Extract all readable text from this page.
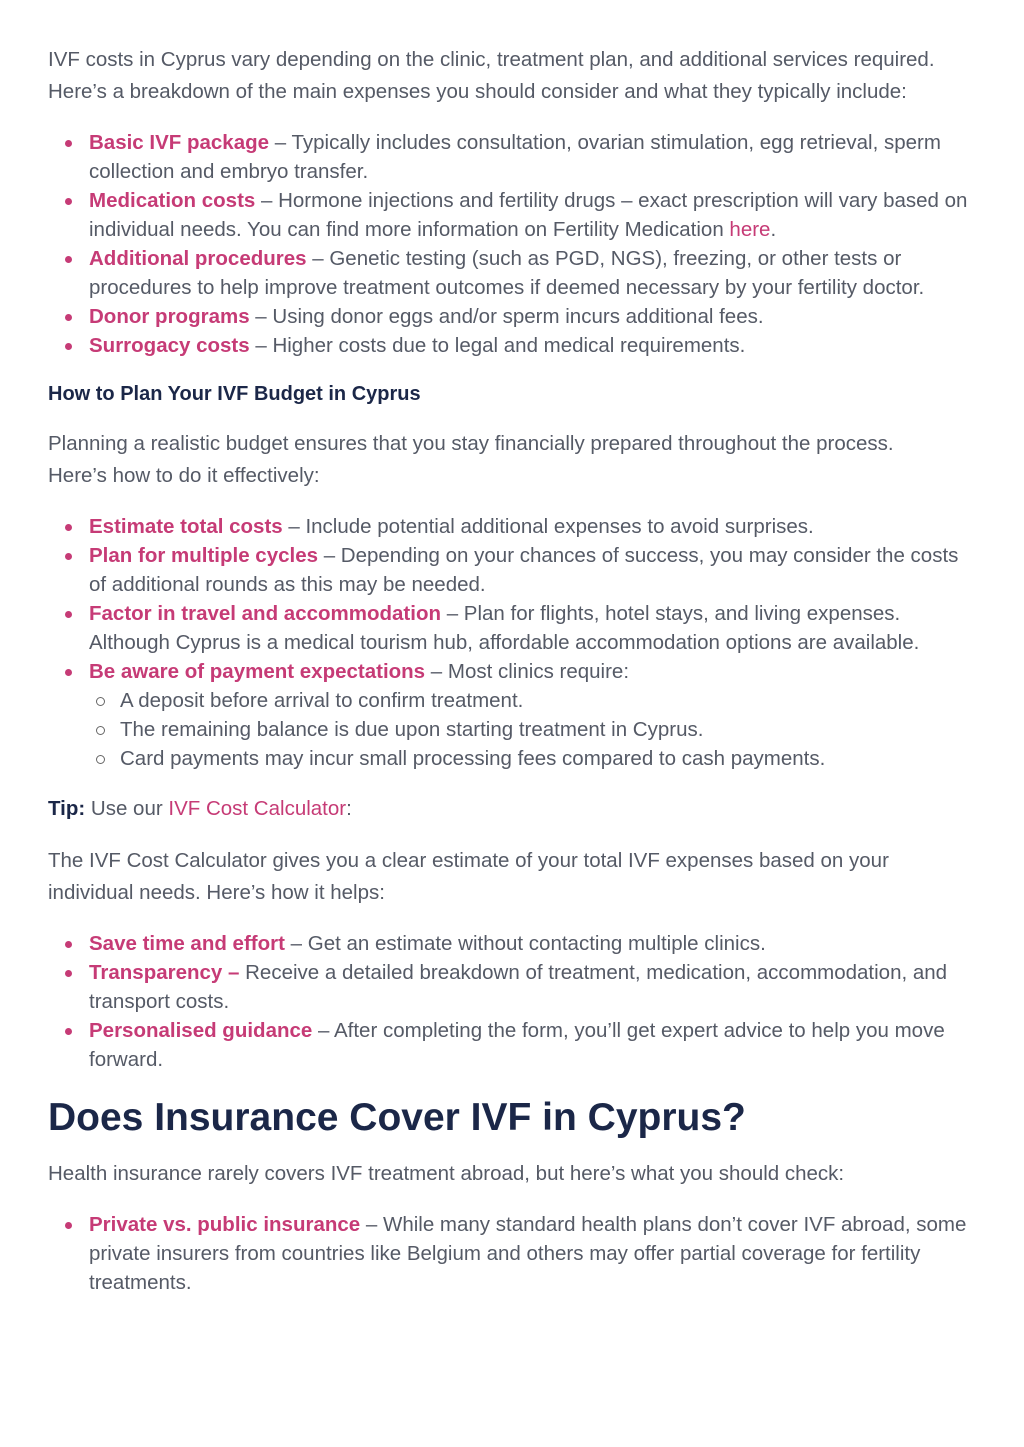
IVF costs in Cyprus vary depending on the clinic, treatment plan, and additional services required. Here’s a breakdown of the main expenses you should consider and what they typically include:

Basic IVF package – Typically includes consultation, ovarian stimulation, egg retrieval, sperm collection and embryo transfer.
Medication costs – Hormone injections and fertility drugs – exact prescription will vary based on individual needs. You can find more information on Fertility Medication here.
Additional procedures – Genetic testing (such as PGD, NGS), freezing, or other tests or procedures to help improve treatment outcomes if deemed necessary by your fertility doctor.
Donor programs – Using donor eggs and/or sperm incurs additional fees.
Surrogacy costs – Higher costs due to legal and medical requirements.
How to Plan Your IVF Budget in Cyprus

Planning a realistic budget ensures that you stay financially prepared throughout the process. Here’s how to do it effectively:

Estimate total costs – Include potential additional expenses to avoid surprises.
Plan for multiple cycles – Depending on your chances of success, you may consider the costs of additional rounds as this may be needed.
Factor in travel and accommodation – Plan for flights, hotel stays, and living expenses. Although Cyprus is a medical tourism hub, affordable accommodation options are available.
Be aware of payment expectations – Most clinics require:
A deposit before arrival to confirm treatment.
The remaining balance is due upon starting treatment in Cyprus.
Card payments may incur small processing fees compared to cash payments.

Tip: Use our IVF Cost Calculator:

The IVF Cost Calculator gives you a clear estimate of your total IVF expenses based on your individual needs. Here’s how it helps:

Save time and effort – Get an estimate without contacting multiple clinics.
Transparency – Receive a detailed breakdown of treatment, medication, accommodation, and transport costs.
Personalised guidance – After completing the form, you’ll get expert advice to help you move forward.
Does Insurance Cover IVF in Cyprus?

Health insurance rarely covers IVF treatment abroad, but here’s what you should check:

Private vs. public insurance – While many standard health plans don’t cover IVF abroad, some private insurers from countries like Belgium and others may offer partial coverage for fertility treatments.
